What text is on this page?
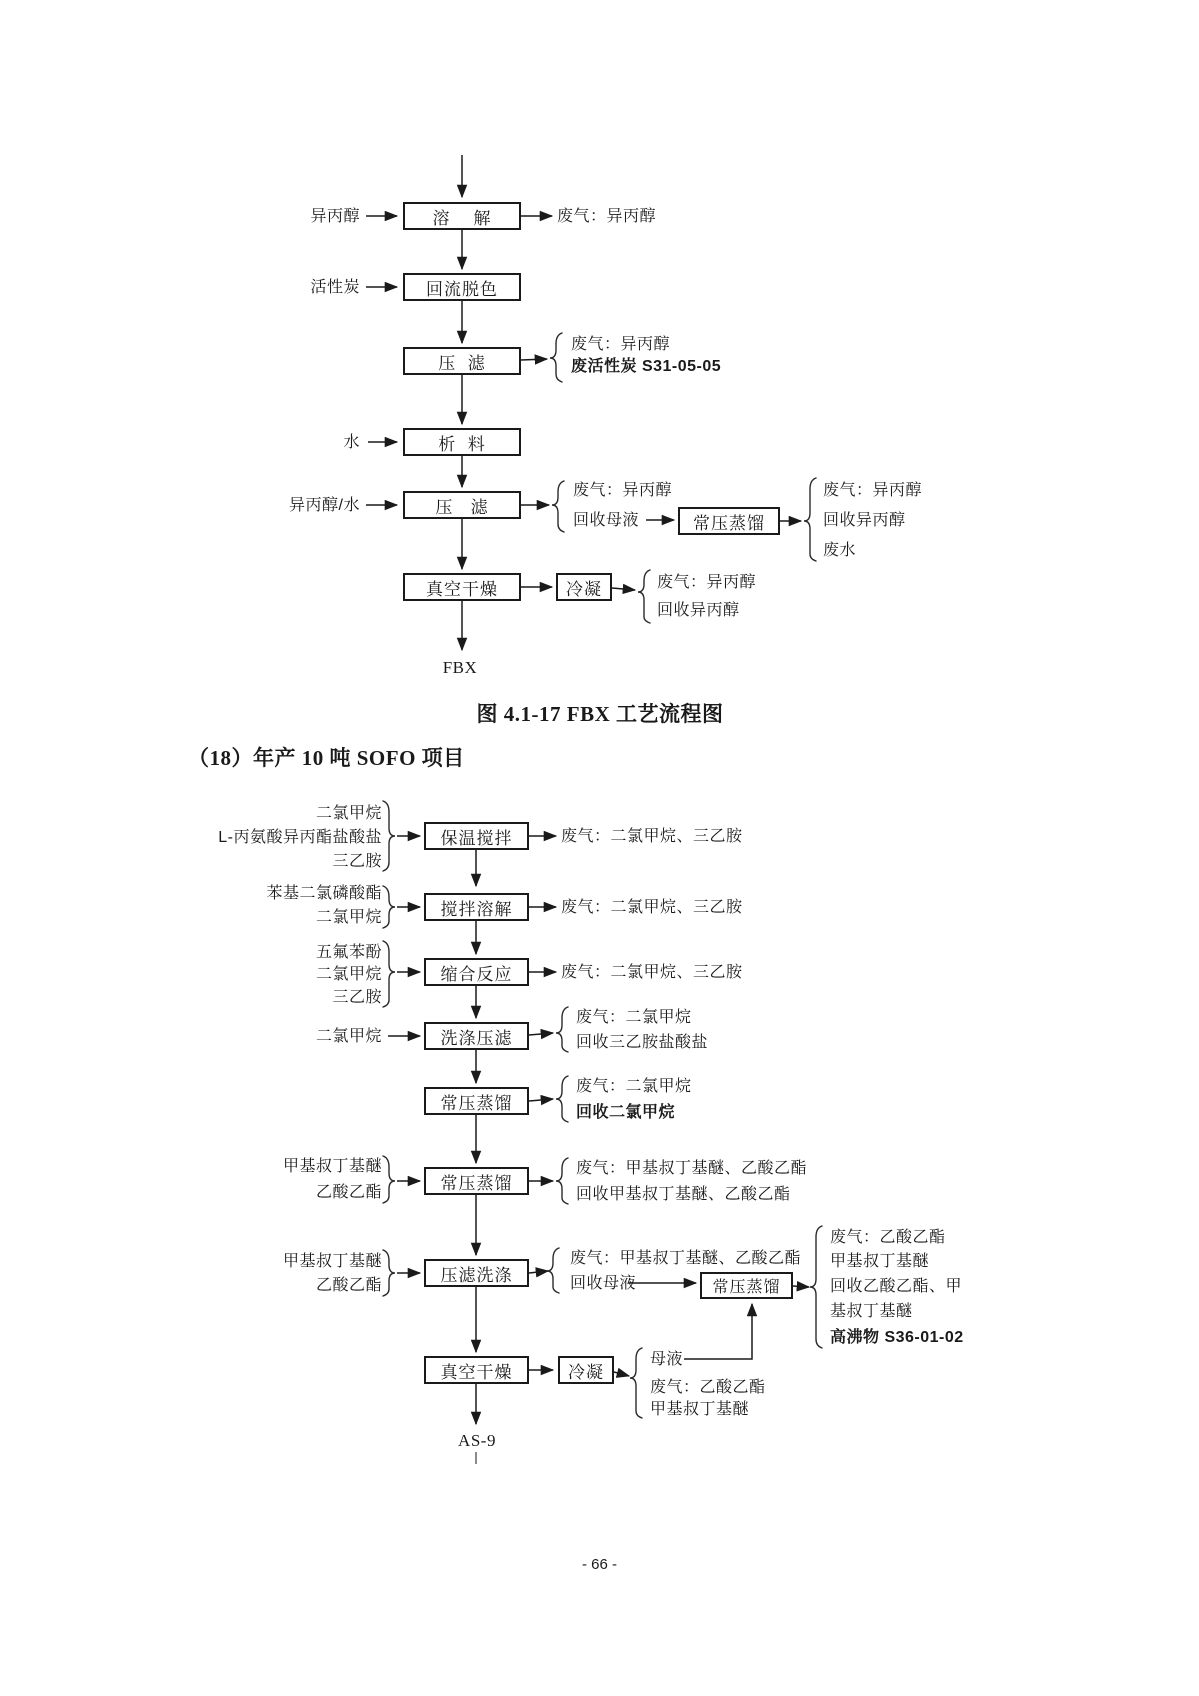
溶    解
回流脱色
压  滤
析  料
压   滤
常压蒸馏
真空干燥	冷凝
异丙醇
活性炭
水
异丙醇/水
废气：异丙醇
废气：异丙醇
废活性炭 S31-05-05
废气：异丙醇
回收母液
废气：异丙醇
回收异丙醇
废水
废气：异丙醇
回收异丙醇
FBX
图 4.1-17 FBX 工艺流程图
（18）年产 10 吨 SOFO 项目
保温搅拌
搅拌溶解
缩合反应
洗涤压滤
常压蒸馏
常压蒸馏
压滤洗涤
真空干燥	冷凝
常压蒸馏
二氯甲烷
L-丙氨酸异丙酯盐酸盐
三乙胺
苯基二氯磷酸酯
二氯甲烷
五氟苯酚
二氯甲烷
三乙胺
二氯甲烷
甲基叔丁基醚
乙酸乙酯
甲基叔丁基醚
乙酸乙酯
废气：二氯甲烷、三乙胺
废气：二氯甲烷、三乙胺
废气：二氯甲烷、三乙胺
废气：二氯甲烷
回收三乙胺盐酸盐
废气：二氯甲烷
回收二氯甲烷
废气：甲基叔丁基醚、乙酸乙酯
回收甲基叔丁基醚、乙酸乙酯
废气：甲基叔丁基醚、乙酸乙酯
回收母液
废气：乙酸乙酯
甲基叔丁基醚
回收乙酸乙酯、甲
基叔丁基醚
高沸物 S36-01-02
母液
废气：乙酸乙酯
甲基叔丁基醚
AS-9
- 66 -
